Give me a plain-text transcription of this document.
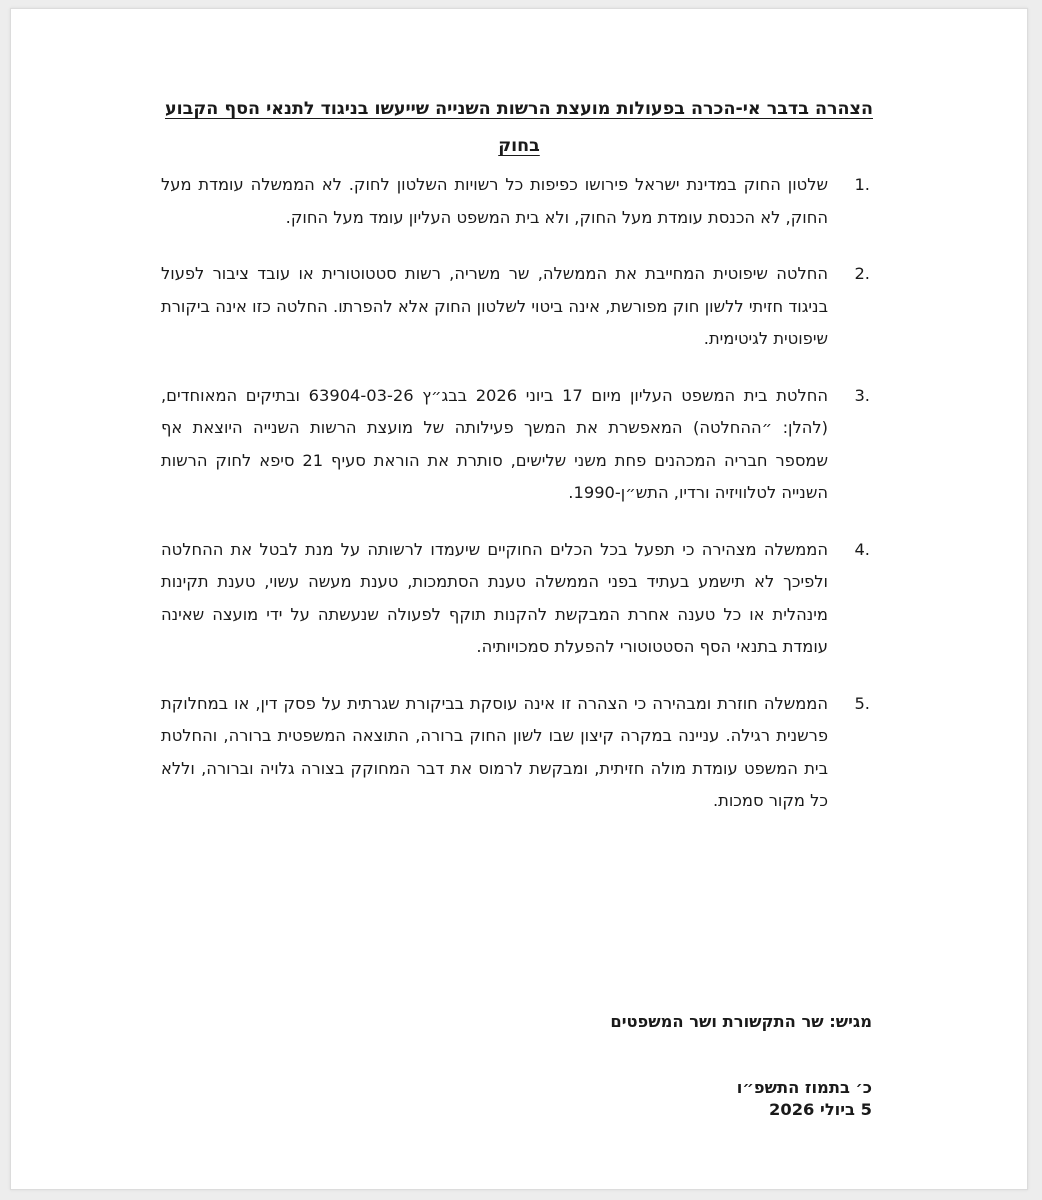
הצהרה בדבר אי-הכרה בפעולות מועצת הרשות השנייה שייעשו בניגוד לתנאי הסף הקבוע בחוק
1.
שלטון החוק במדינת ישראל פירושו כפיפות כל רשויות השלטון לחוק. לא הממשלה עומדת מעל החוק, לא הכנסת עומדת מעל החוק, ולא בית המשפט העליון עומד מעל החוק.
2.
החלטה שיפוטית המחייבת את הממשלה, שר משריה, רשות סטטוטורית או עובד ציבור לפעול בניגוד חזיתי ללשון חוק מפורשת, אינה ביטוי לשלטון החוק אלא להפרתו. החלטה כזו אינה ביקורת שיפוטית לגיטימית.
3.
החלטת בית המשפט העליון מיום 17 ביוני 2026 בבג״ץ 63904-03-26 ובתיקים המאוחדים, (להלן: ״ההחלטה) המאפשרת את המשך פעילותה של מועצת הרשות השנייה היוצאת אף שמספר חבריה המכהנים פחת משני שלישים, סותרת את הוראת סעיף 21 סיפא לחוק הרשות השנייה לטלוויזיה ורדיו, התש״ן-1990.
4.
הממשלה מצהירה כי תפעל בכל הכלים החוקיים שיעמדו לרשותה על מנת לבטל את ההחלטה ולפיכך לא תישמע בעתיד בפני הממשלה טענת הסתמכות, טענת מעשה עשוי, טענת תקינות מינהלית או כל טענה אחרת המבקשת להקנות תוקף לפעולה שנעשתה על ידי מועצה שאינה עומדת בתנאי הסף הסטטוטורי להפעלת סמכויותיה.
5.
הממשלה חוזרת ומבהירה כי הצהרה זו אינה עוסקת בביקורת שגרתית על פסק דין, או במחלוקת פרשנית רגילה. עניינה במקרה קיצון שבו לשון החוק ברורה, התוצאה המשפטית ברורה, והחלטת בית המשפט עומדת מולה חזיתית, ומבקשת לרמוס את דבר המחוקק בצורה גלויה וברורה, וללא כל מקור סמכות.
מגיש: שר התקשורת ושר המשפטים
כ׳ בתמוז התשפ״ו
5 ביולי 2026
